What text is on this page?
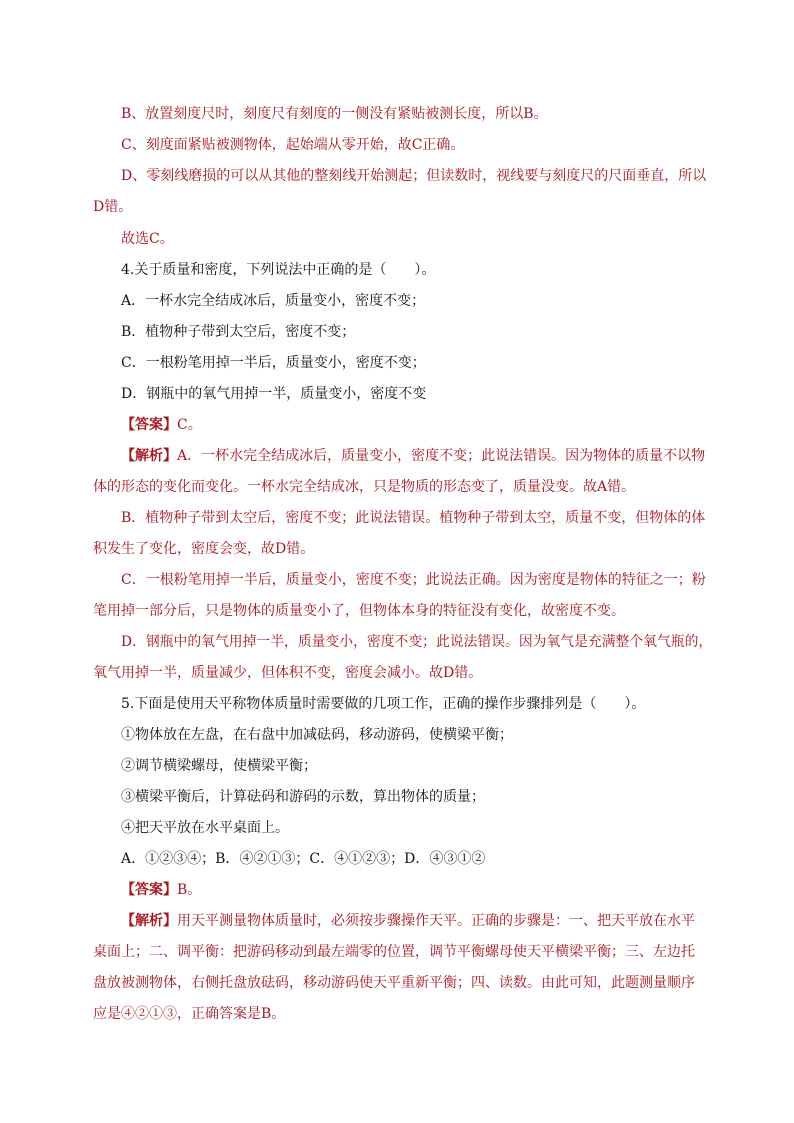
B、放置刻度尺时，刻度尺有刻度的一侧没有紧贴被测长度，所以B。
C、刻度面紧贴被测物体，起始端从零开始，故C正确。
D、零刻线磨损的可以从其他的整刻线开始测起；但读数时，视线要与刻度尺的尺面垂直，所以
D错。
故选C。
4.关于质量和密度，下列说法中正确的是（　　）。
A．一杯水完全结成冰后，质量变小，密度不变；
B．植物种子带到太空后，密度不变；
C．一根粉笔用掉一半后，质量变小，密度不变；
D．钢瓶中的氧气用掉一半，质量变小，密度不变
【答案】C。
【解析】A．一杯水完全结成冰后，质量变小，密度不变；此说法错误。因为物体的质量不以物
体的形态的变化而变化。一杯水完全结成冰，只是物质的形态变了，质量没变。故A错。
B．植物种子带到太空后，密度不变；此说法错误。植物种子带到太空，质量不变，但物体的体
积发生了变化，密度会变，故D错。
C．一根粉笔用掉一半后，质量变小，密度不变；此说法正确。因为密度是物体的特征之一；粉
笔用掉一部分后，只是物体的质量变小了，但物体本身的特征没有变化，故密度不变。
D．钢瓶中的氧气用掉一半，质量变小，密度不变；此说法错误。因为氧气是充满整个氧气瓶的，
氧气用掉一半，质量减少，但体积不变，密度会减小。故D错。
5.下面是使用天平称物体质量时需要做的几项工作，正确的操作步骤排列是（　　）。
①物体放在左盘，在右盘中加减砝码，移动游码，使横梁平衡；
②调节横梁螺母，使横梁平衡；
③横梁平衡后，计算砝码和游码的示数，算出物体的质量；
④把天平放在水平桌面上。
A．①②③④；B．④②①③；C．④①②③；D．④③①②
【答案】B。
【解析】用天平测量物体质量时，必须按步骤操作天平。正确的步骤是：一、把天平放在水平
桌面上；二、调平衡：把游码移动到最左端零的位置，调节平衡螺母使天平横梁平衡；三、左边托
盘放被测物体，右侧托盘放砝码，移动游码使天平重新平衡；四、读数。由此可知，此题测量顺序
应是④②①③，正确答案是B。
